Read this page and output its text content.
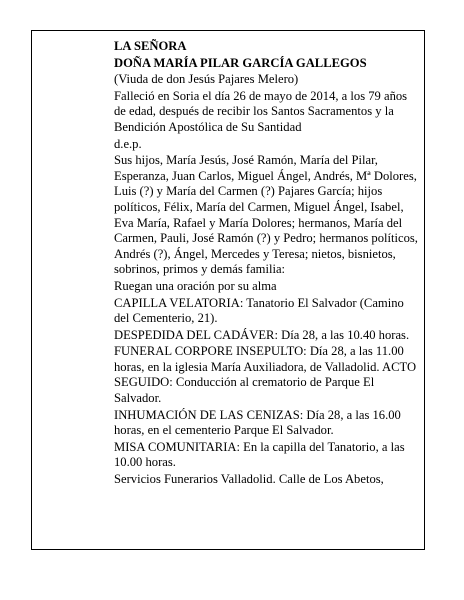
LA SEÑORA

DOÑA MARÍA PILAR GARCÍA GALLEGOS

(Viuda de don Jesús Pajares Melero)

Falleció en Soria el día 26 de mayo de 2014, a los 79 años de edad, después de recibir los Santos Sacramentos y la Bendición Apostólica de Su Santidad

d.e.p.

Sus hijos, María Jesús, José Ramón, María del Pilar, Esperanza, Juan Carlos, Miguel Ángel, Andrés, Mª Dolores, Luis (?) y María del Carmen (?) Pajares García; hijos políticos, Félix, María del Carmen, Miguel Ángel, Isabel, Eva María, Rafael y María Dolores; hermanos, María del Carmen, Pauli, José Ramón (?) y Pedro; hermanos políticos, Andrés (?), Ángel, Mercedes y Teresa; nietos, bisnietos, sobrinos, primos y demás familia:

Ruegan una oración por su alma

CAPILLA VELATORIA: Tanatorio El Salvador (Camino del Cementerio, 21).

DESPEDIDA DEL CADÁVER: Día 28, a las 10.40 horas.

FUNERAL CORPORE INSEPULTO: Día 28, a las 11.00 horas, en la iglesia María Auxiliadora, de Valladolid. ACTO SEGUIDO: Conducción al crematorio de Parque El Salvador.

INHUMACIÓN DE LAS CENIZAS: Día 28, a las 16.00 horas, en el cementerio Parque El Salvador.

MISA COMUNITARIA: En la capilla del Tanatorio, a las 10.00 horas.

Servicios Funerarios Valladolid. Calle de Los Abetos,
